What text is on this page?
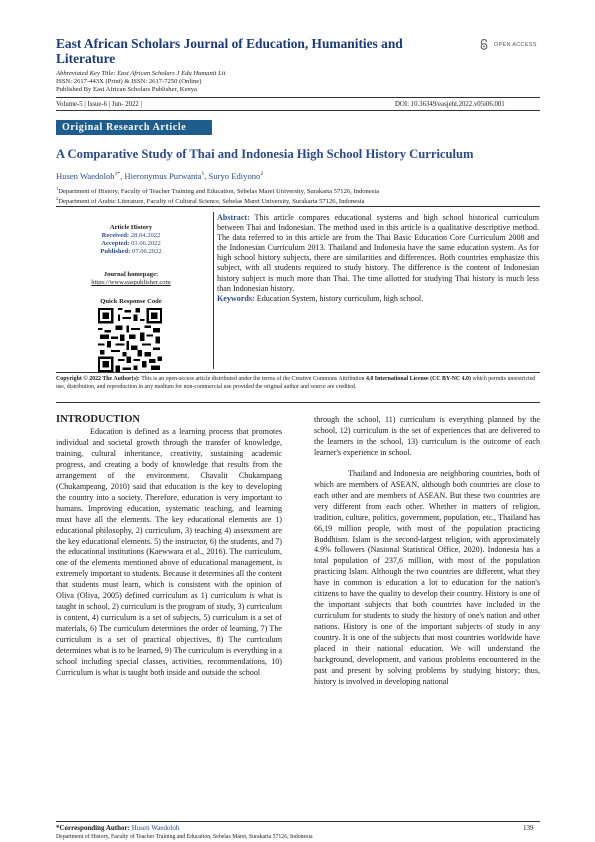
East African Scholars Journal of Education, Humanities and Literature
Abbreviated Key Title: East African Scholars J Edu Humanit Lit
ISSN: 2617-443X (Print) & ISSN: 2617-7250 (Online)
Published By East African Scholars Publisher, Kenya
OPEN ACCESS
Volume-5 | Issue-6 | Jun- 2022 |	DOI: 10.36349/easjehl.2022.v05i06.001
Original Research Article
A Comparative Study of Thai and Indonesia High School History Curriculum
Husen Waedoloh$^{1*}$, Hieronymus Purwanta$^1$, Suryo Ediyono$^2$
$^1$Department of History, Faculty of Teacher Training and Education, Sebelas Maret University, Surakarta 57126, Indonesia
$^2$Department of Arabic Literature, Faculty of Cultural Science, Sebelas Maret University, Surakarta 57126, Indonesia
Article History
Received: 28.04.2022
Accepted: 03.06.2022
Published: 07.06.2022
Journal homepage:
https://www.easpublisher.com
Quick Response Code
Abstract: This article compares educational systems and high school historical curriculum between Thai and Indonesian. The method used in this article is a qualitative descriptive method. The data referred to in this article are from the Thai Basic Education Core Curriculum 2008 and the Indonesian Curriculum 2013. Thailand and Indonesia have the same education system. As for high school history subjects, there are similarities and differences. Both countries emphasize this subject, with all students required to study history. The difference is the content of Indonesian history subject is much more than Thai. The time allotted for studying Thai history is much less than Indonesian history.
Keywords: Education System, history curriculum, high school.
Copyright © 2022 The Author(s): This is an open-access article distributed under the terms of the Creative Commons Attribution 4.0 International License (CC BY-NC 4.0) which permits unrestricted use, distribution, and reproduction in any medium for non-commercial use provided the original author and source are credited.
INTRODUCTION

Education is defined as a learning process that promotes individual and societal growth through the transfer of knowledge, training, cultural inheritance, creativity, sustaining academic progress, and creating a body of knowledge that results from the arrangement of the environment. Chavalit Chukampang (Chukampeang, 2010) said that education is the key to developing the country into a society. Therefore, education is very important to humans. Improving education, systematic teaching, and learning must have all the elements. The key educational elements are 1) educational philosophy, 2) curriculum, 3) teaching 4) assessment are the key educational elements. 5) the instructor, 6) the students, and 7) the educational institutions (Kaewwara et al., 2016). The curriculum, one of the elements mentioned above of educational management, is extremely important to students. Because it determines all the content that students must learn, which is consistent with the opinion of Oliva (Oliva, 2005) defined curriculum as 1) curriculum is what is taught in school, 2) curriculum is the program of study, 3) curriculum is content, 4) curriculum is a set of subjects, 5) curriculum is a set of materials, 6) The curriculum determines the order of learning, 7) The curriculum is a set of practical objectives, 8) The curriculum determines what is to be learned, 9) The curriculum is everything in a school including special classes, activities, recommendations, 10) Curriculum is what is taught both inside and outside the school

through the school, 11) curriculum is everything planned by the school, 12) curriculum is the set of experiences that are delivered to the learners in the school, 13) curriculum is the outcome of each learner's experience in school.

Thailand and Indonesia are neighboring countries, both of which are members of ASEAN, although both countries are close to each other and are members of ASEAN. But these two countries are very different from each other. Whether in matters of religion, tradition, culture, politics, government, population, etc., Thailand has 66,19 million people, with most of the population practicing Buddhism. Islam is the second-largest religion, with approximately 4.9% followers (Nasional Statistical Office, 2020). Indonesia has a total population of 237,6 million, with most of the population practicing Islam. Although the two countries are different, what they have in common is education a lot to education for the nation's citizens to have the quality to develop their country. History is one of the important subjects that both countries have included in the curriculum for students to study the history of one's nation and other nations. History is one of the important subjects of study in any country. It is one of the subjects that most countries worldwide have placed in their national education. We will understand the background, development, and various problems encountered in the past and present by solving problems by studying history; thus, history is involved in developing national

*Corresponding Author: Husen Waedoloh
Department of History, Faculty of Teacher Training and Education, Sebelas Maret, Surakarta 57126, Indonesia
139
